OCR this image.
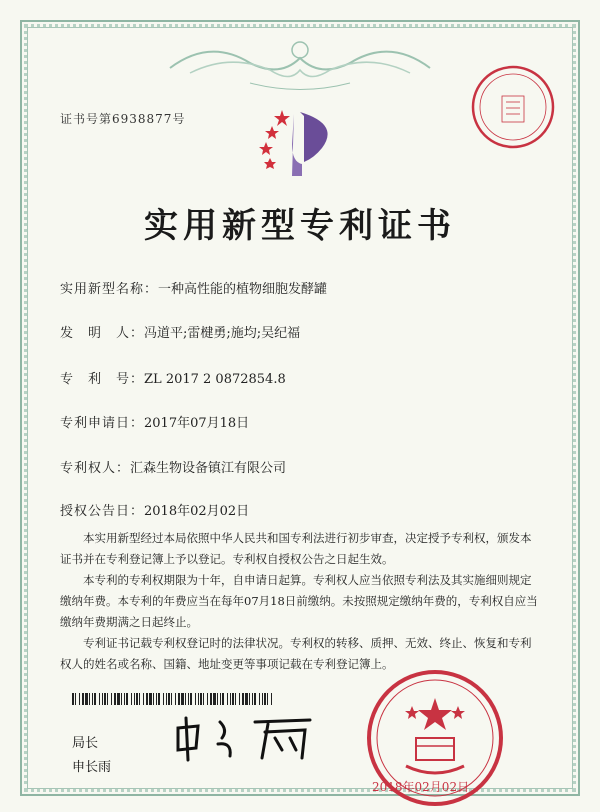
证书号第6938877号
实用新型专利证书
实用新型名称：一种高性能的植物细胞发酵罐
发　明　人：冯道平;雷楗勇;施均;吴纪福
专　利　号：ZL 2017 2 0872854.8
专利申请日：2017年07月18日
专利权人：汇森生物设备镇江有限公司
授权公告日：2018年02月02日

本实用新型经过本局依照中华人民共和国专利法进行初步审查，决定授予专利权，颁发本证书并在专利登记簿上予以登记。专利权自授权公告之日起生效。

本专利的专利权期限为十年，自申请日起算。专利权人应当依照专利法及其实施细则规定缴纳年费。本专利的年费应当在每年07月18日前缴纳。未按照规定缴纳年费的，专利权自应当缴纳年费期满之日起终止。

专利证书记载专利权登记时的法律状况。专利权的转移、质押、无效、终止、恢复和专利权人的姓名或名称、国籍、地址变更等事项记载在专利登记簿上。

局长
申长雨
2018年02月02日
